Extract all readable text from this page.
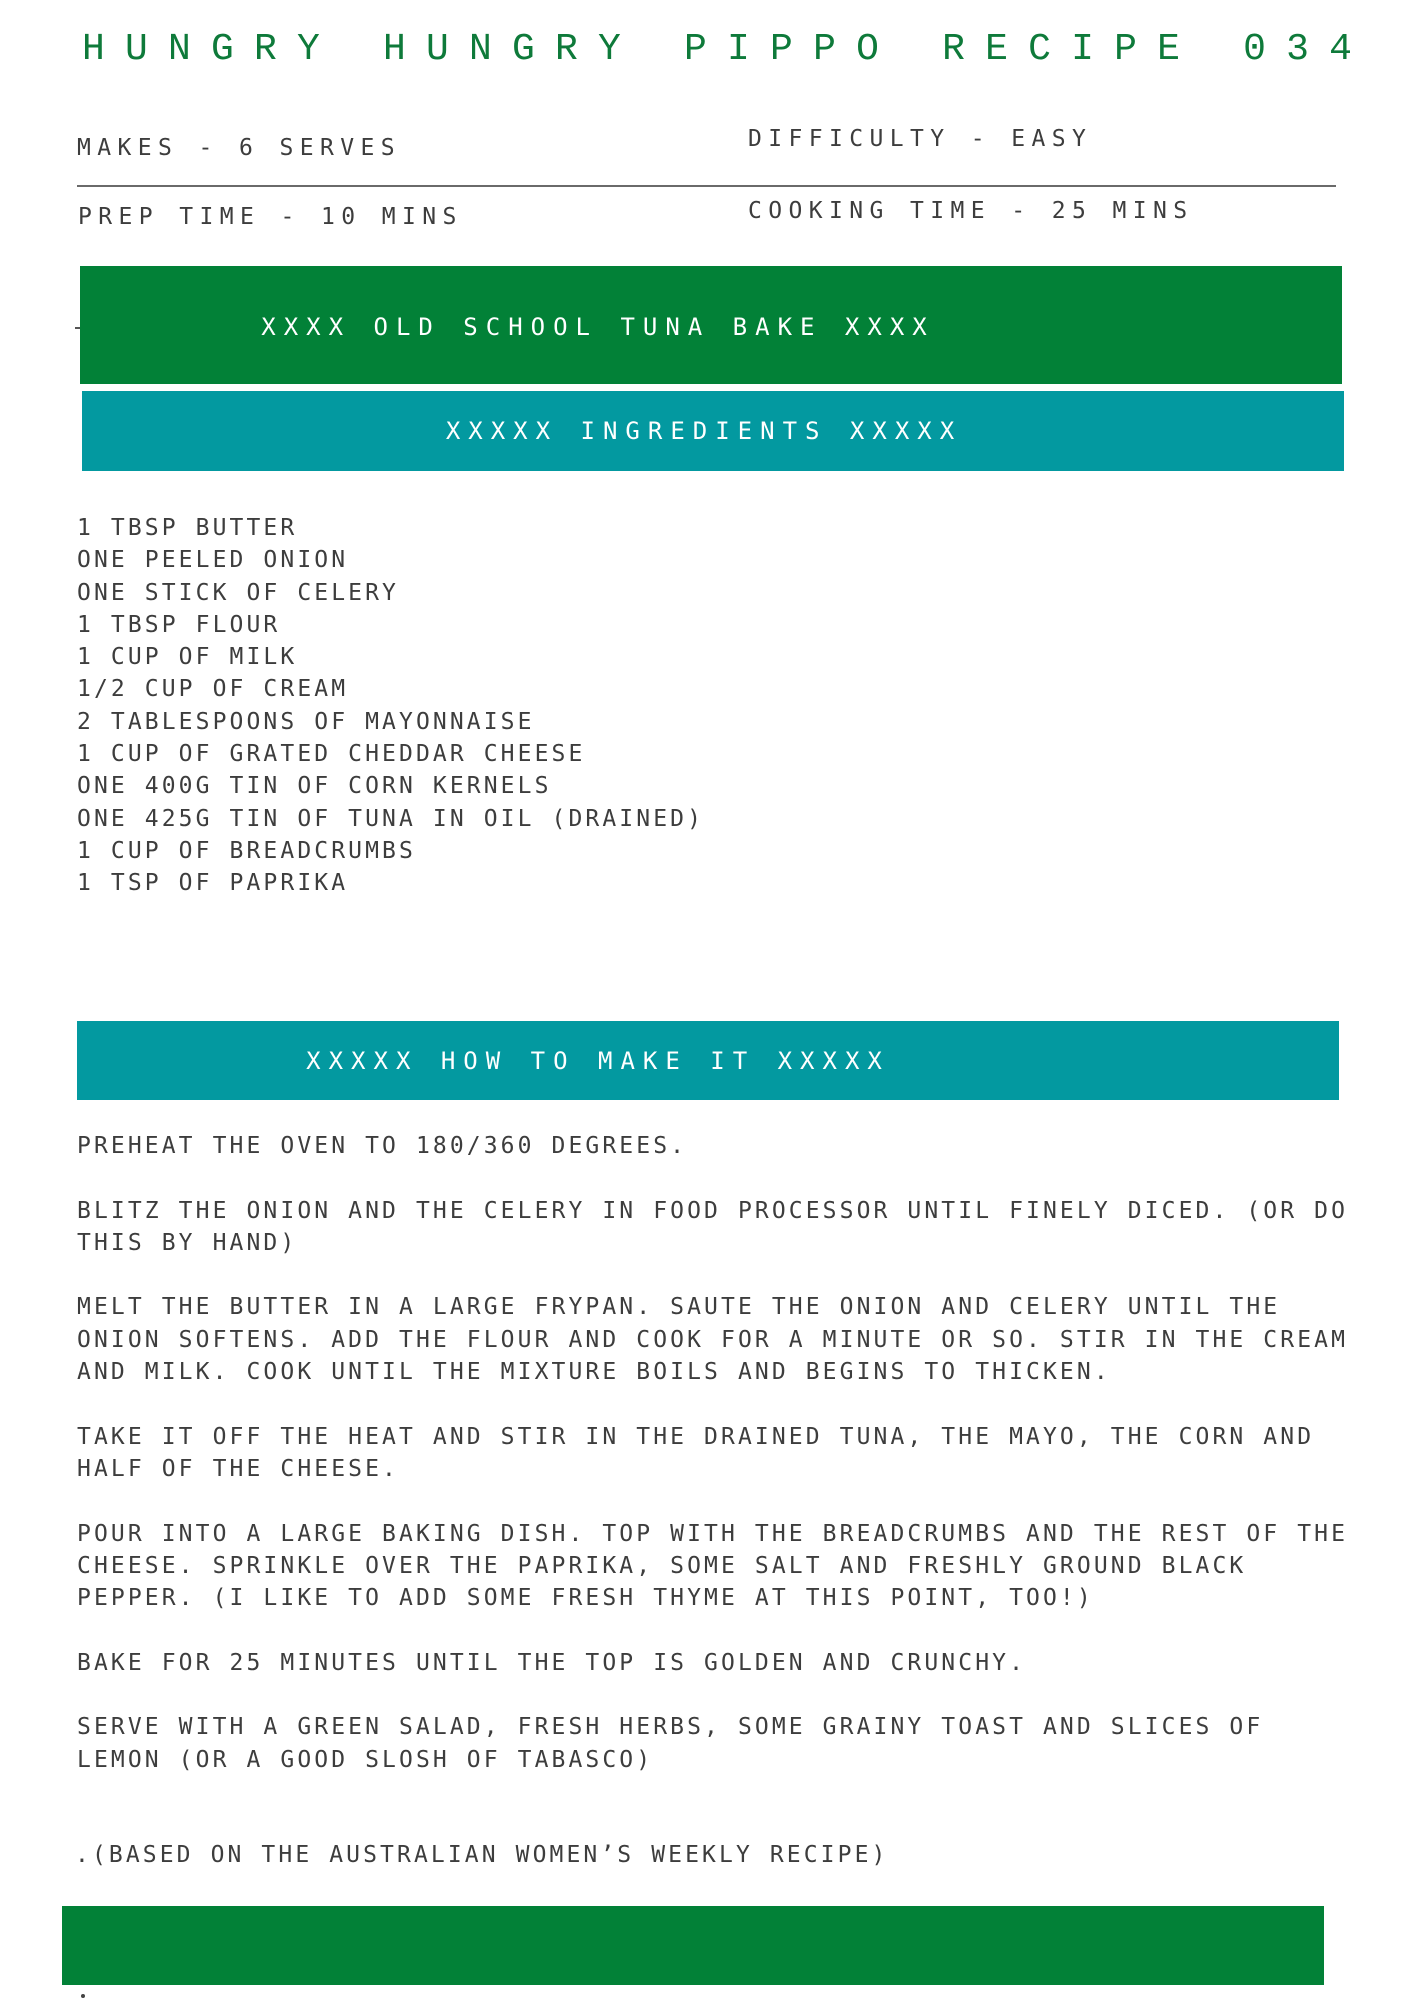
HUNGRY HUNGRY PIPPO RECIPE 034
MAKES - 6 SERVES	DIFFICULTY - EASY
PREP TIME - 10 MINS	COOKING TIME - 25 MINS
XXXX OLD SCHOOL TUNA BAKE XXXX
XXXXX INGREDIENTS XXXXX
1 TBSP BUTTER
ONE PEELED ONION
ONE STICK OF CELERY
1 TBSP FLOUR
1 CUP OF MILK
1/2 CUP OF CREAM
2 TABLESPOONS OF MAYONNAISE
1 CUP OF GRATED CHEDDAR CHEESE
ONE 400G TIN OF CORN KERNELS
ONE 425G TIN OF TUNA IN OIL (DRAINED)
1 CUP OF BREADCRUMBS
1 TSP OF PAPRIKA
XXXXX HOW TO MAKE IT XXXXX

PREHEAT THE OVEN TO 180/360 DEGREES.

BLITZ THE ONION AND THE CELERY IN FOOD PROCESSOR UNTIL FINELY DICED. (OR DO
THIS BY HAND)

MELT THE BUTTER IN A LARGE FRYPAN. SAUTE THE ONION AND CELERY UNTIL THE
ONION SOFTENS. ADD THE FLOUR AND COOK FOR A MINUTE OR SO. STIR IN THE CREAM
AND MILK. COOK UNTIL THE MIXTURE BOILS AND BEGINS TO THICKEN.

TAKE IT OFF THE HEAT AND STIR IN THE DRAINED TUNA, THE MAYO, THE CORN AND
HALF OF THE CHEESE.

POUR INTO A LARGE BAKING DISH. TOP WITH THE BREADCRUMBS AND THE REST OF THE
CHEESE. SPRINKLE OVER THE PAPRIKA, SOME SALT AND FRESHLY GROUND BLACK
PEPPER. (I LIKE TO ADD SOME FRESH THYME AT THIS POINT, TOO!)

BAKE FOR 25 MINUTES UNTIL THE TOP IS GOLDEN AND CRUNCHY.

SERVE WITH A GREEN SALAD, FRESH HERBS, SOME GRAINY TOAST AND SLICES OF
LEMON (OR A GOOD SLOSH OF TABASCO)

.(BASED ON THE AUSTRALIAN WOMEN’S WEEKLY RECIPE)
